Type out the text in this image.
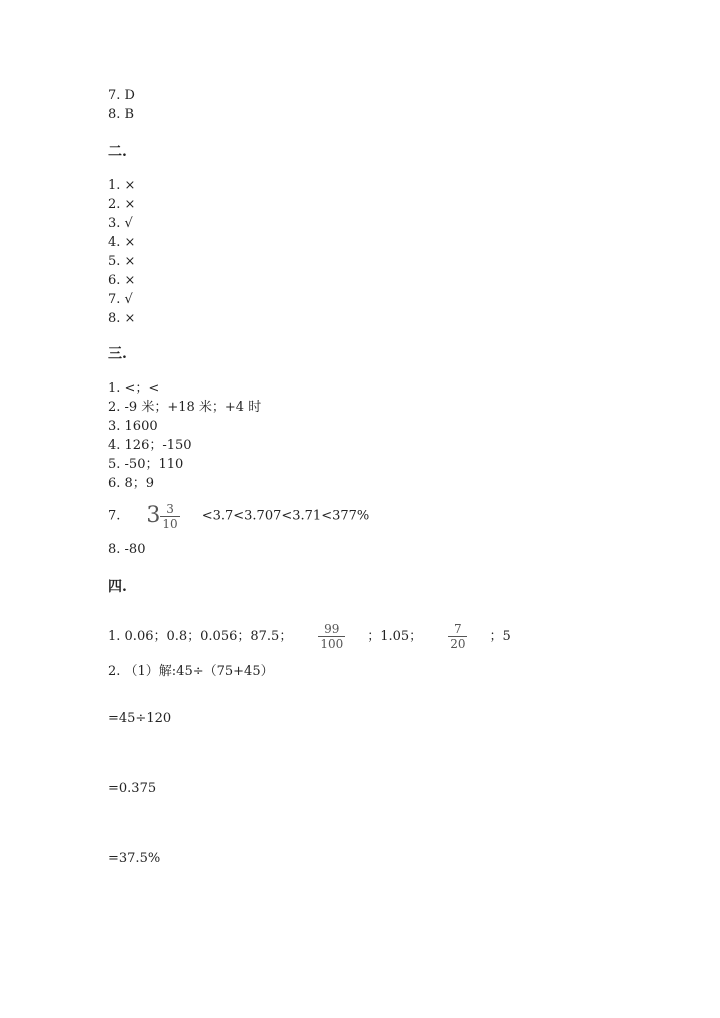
7. D
8. B
二.
1. ×
2. ×
3. √
4. ×
5. ×
6. ×
7. √
8. ×
三.
1. <；<
2. -9 米；+18 米；+4 时
3. 1600
4. 126；-150
5. -50；110
6. 8；9
7. $3 \frac{3}{10} <3.7<3.707<3.71<377\%$
8. -80
四.
1. 0.06；0.8；0.056；87.5； $\frac{99}{100}$ ；1.05； $\frac{7}{20}$ ；5
2. （1）解:45÷（75+45）
=45÷120
=0.375
=37.5%
